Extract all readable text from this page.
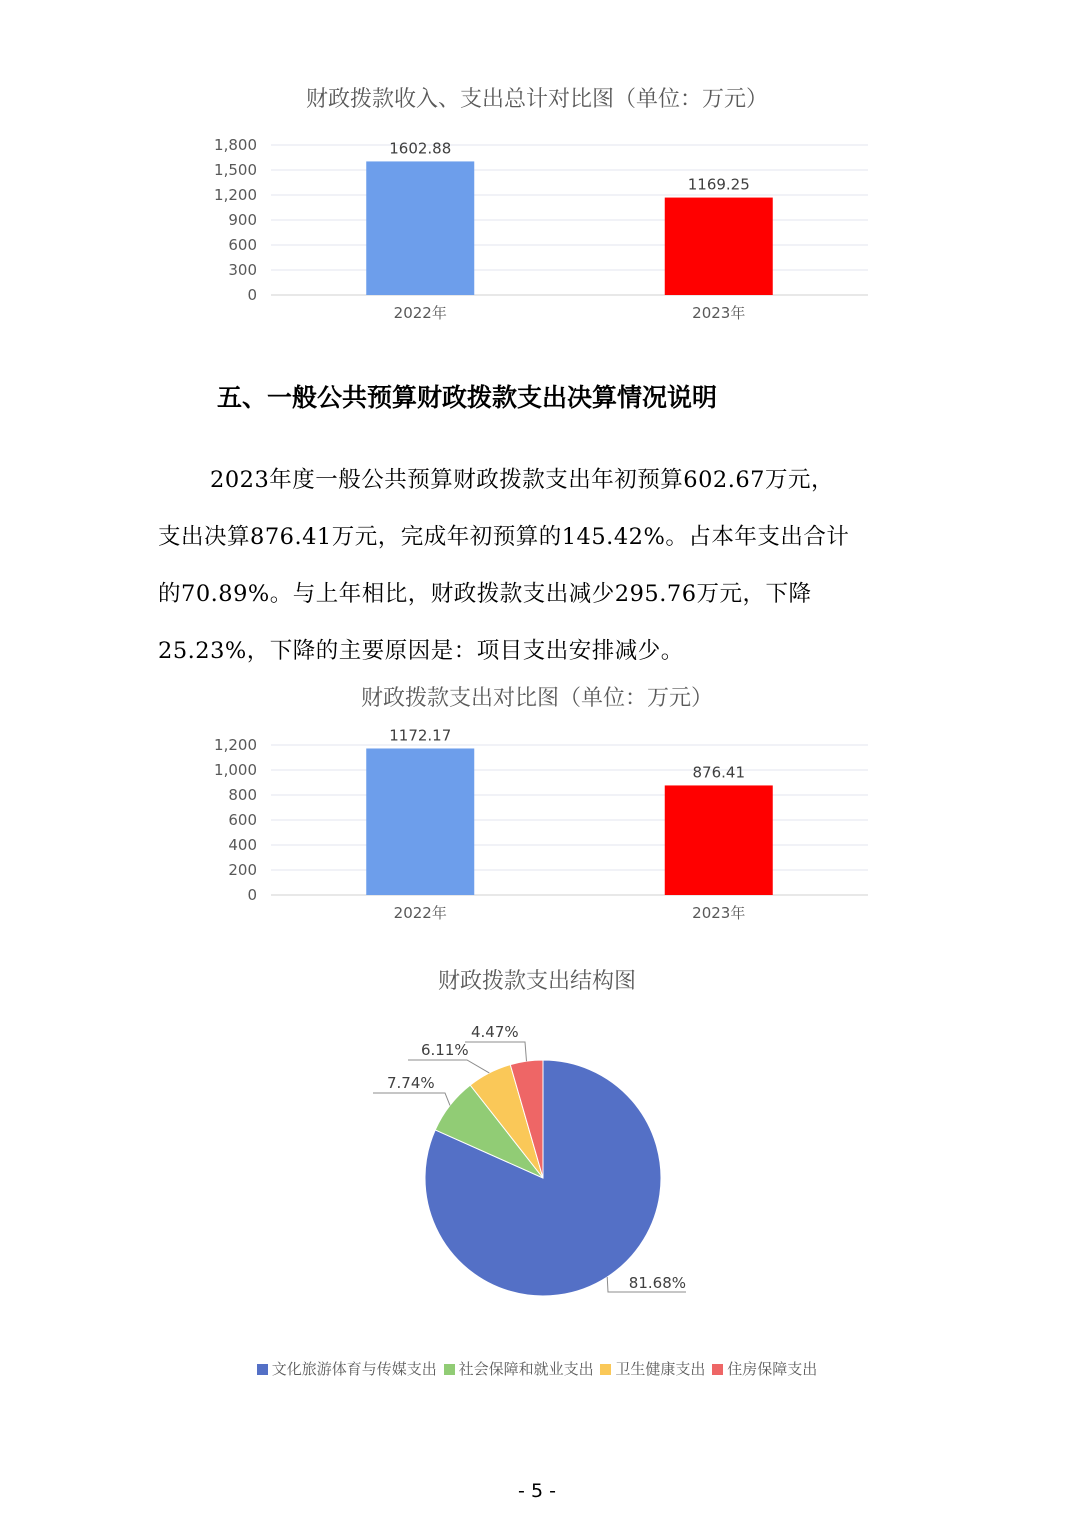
财政拨款收入、支出总计对比图（单位：万元）
0
300
600
900
1,200
1,500
1,800	1602.88
2022年
1169.25
2023年
五、一般公共预算财政拨款支出决算情况说明
2023年度一般公共预算财政拨款支出年初预算602.67万元，
支出决算876.41万元，完成年初预算的145.42%。占本年支出合计
的70.89%。与上年相比，财政拨款支出减少295.76万元，下降
25.23%，下降的主要原因是：项目支出安排减少。
财政拨款支出对比图（单位：万元）
0
200
400
600
800
1,000
1,200
1172.17
2022年
876.41
2023年
财政拨款支出结构图
81.68%
7.74%
6.11%
4.47%
文化旅游体育与传媒支出 社会保障和就业支出 卫生健康支出 住房保障支出
- 5 -
